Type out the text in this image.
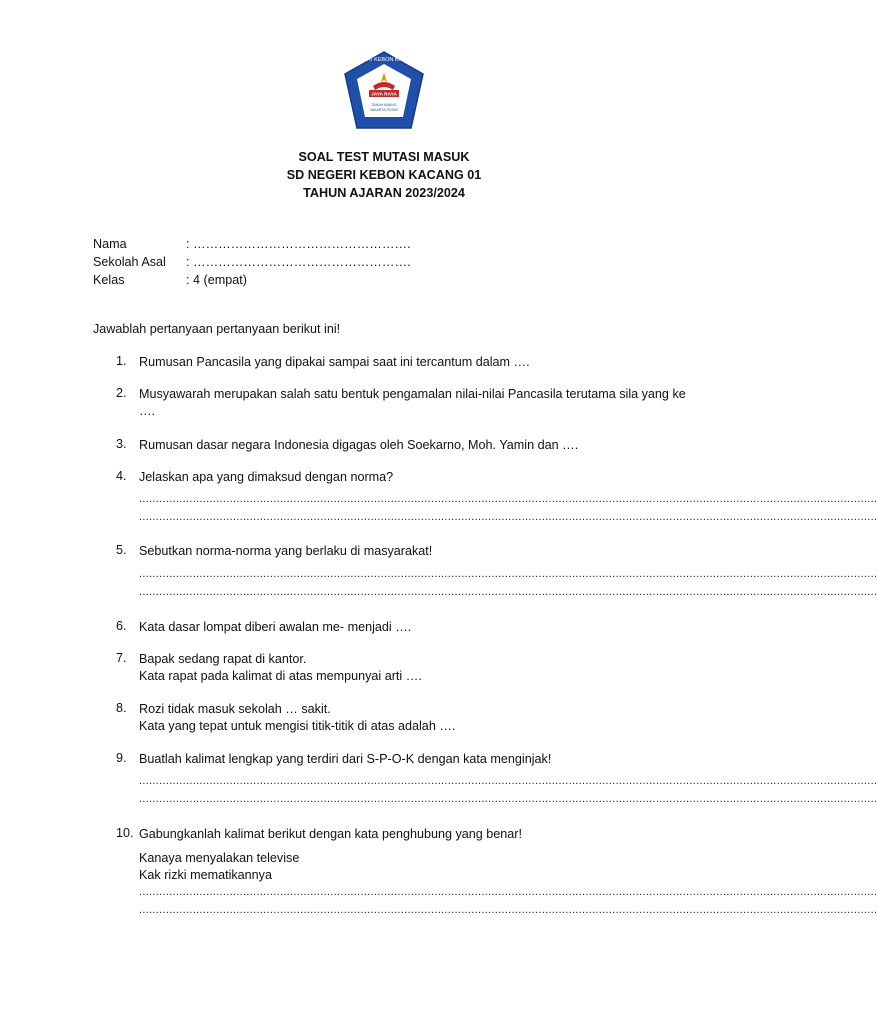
SD NEGERI KEBON KACANG 01
JAYA RAYA
TANAH ABANG
JAKARTA PUSAT
SOAL TEST MUTASI MASUK
SD NEGERI KEBON KACANG 01
TAHUN AJARAN 2023/2024
Nama	: …………………………………………….
Sekolah Asal : …………………………………………….
Kelas	: 4 (empat)
Jawablah pertanyaan pertanyaan berikut ini!
1. Rumusan Pancasila yang dipakai sampai saat ini tercantum dalam ….
2. Musyawarah merupakan salah satu bentuk pengamalan nilai-nilai Pancasila terutama sila yang ke ….
3. Rumusan dasar negara Indonesia digagas oleh Soekarno, Moh. Yamin dan ….
4. Jelaskan apa yang dimaksud dengan norma?
............................................................................................................................................................................................................................
............................................................................................................................................................................................................................
5. Sebutkan norma-norma yang berlaku di masyarakat!
............................................................................................................................................................................................................................
............................................................................................................................................................................................................................
6. Kata dasar lompat diberi awalan me- menjadi ….
7. Bapak sedang rapat di kantor.
Kata rapat pada kalimat di atas mempunyai arti ….
8. Rozi tidak masuk sekolah … sakit.
Kata yang tepat untuk mengisi titik-titik di atas adalah ….
9. Buatlah kalimat lengkap yang terdiri dari S-P-O-K dengan kata menginjak!
............................................................................................................................................................................................................................
............................................................................................................................................................................................................................
10. Gabungkanlah kalimat berikut dengan kata penghubung yang benar!
Kanaya menyalakan televise
Kak rizki mematikannya
............................................................................................................................................................................................................................
............................................................................................................................................................................................................................
